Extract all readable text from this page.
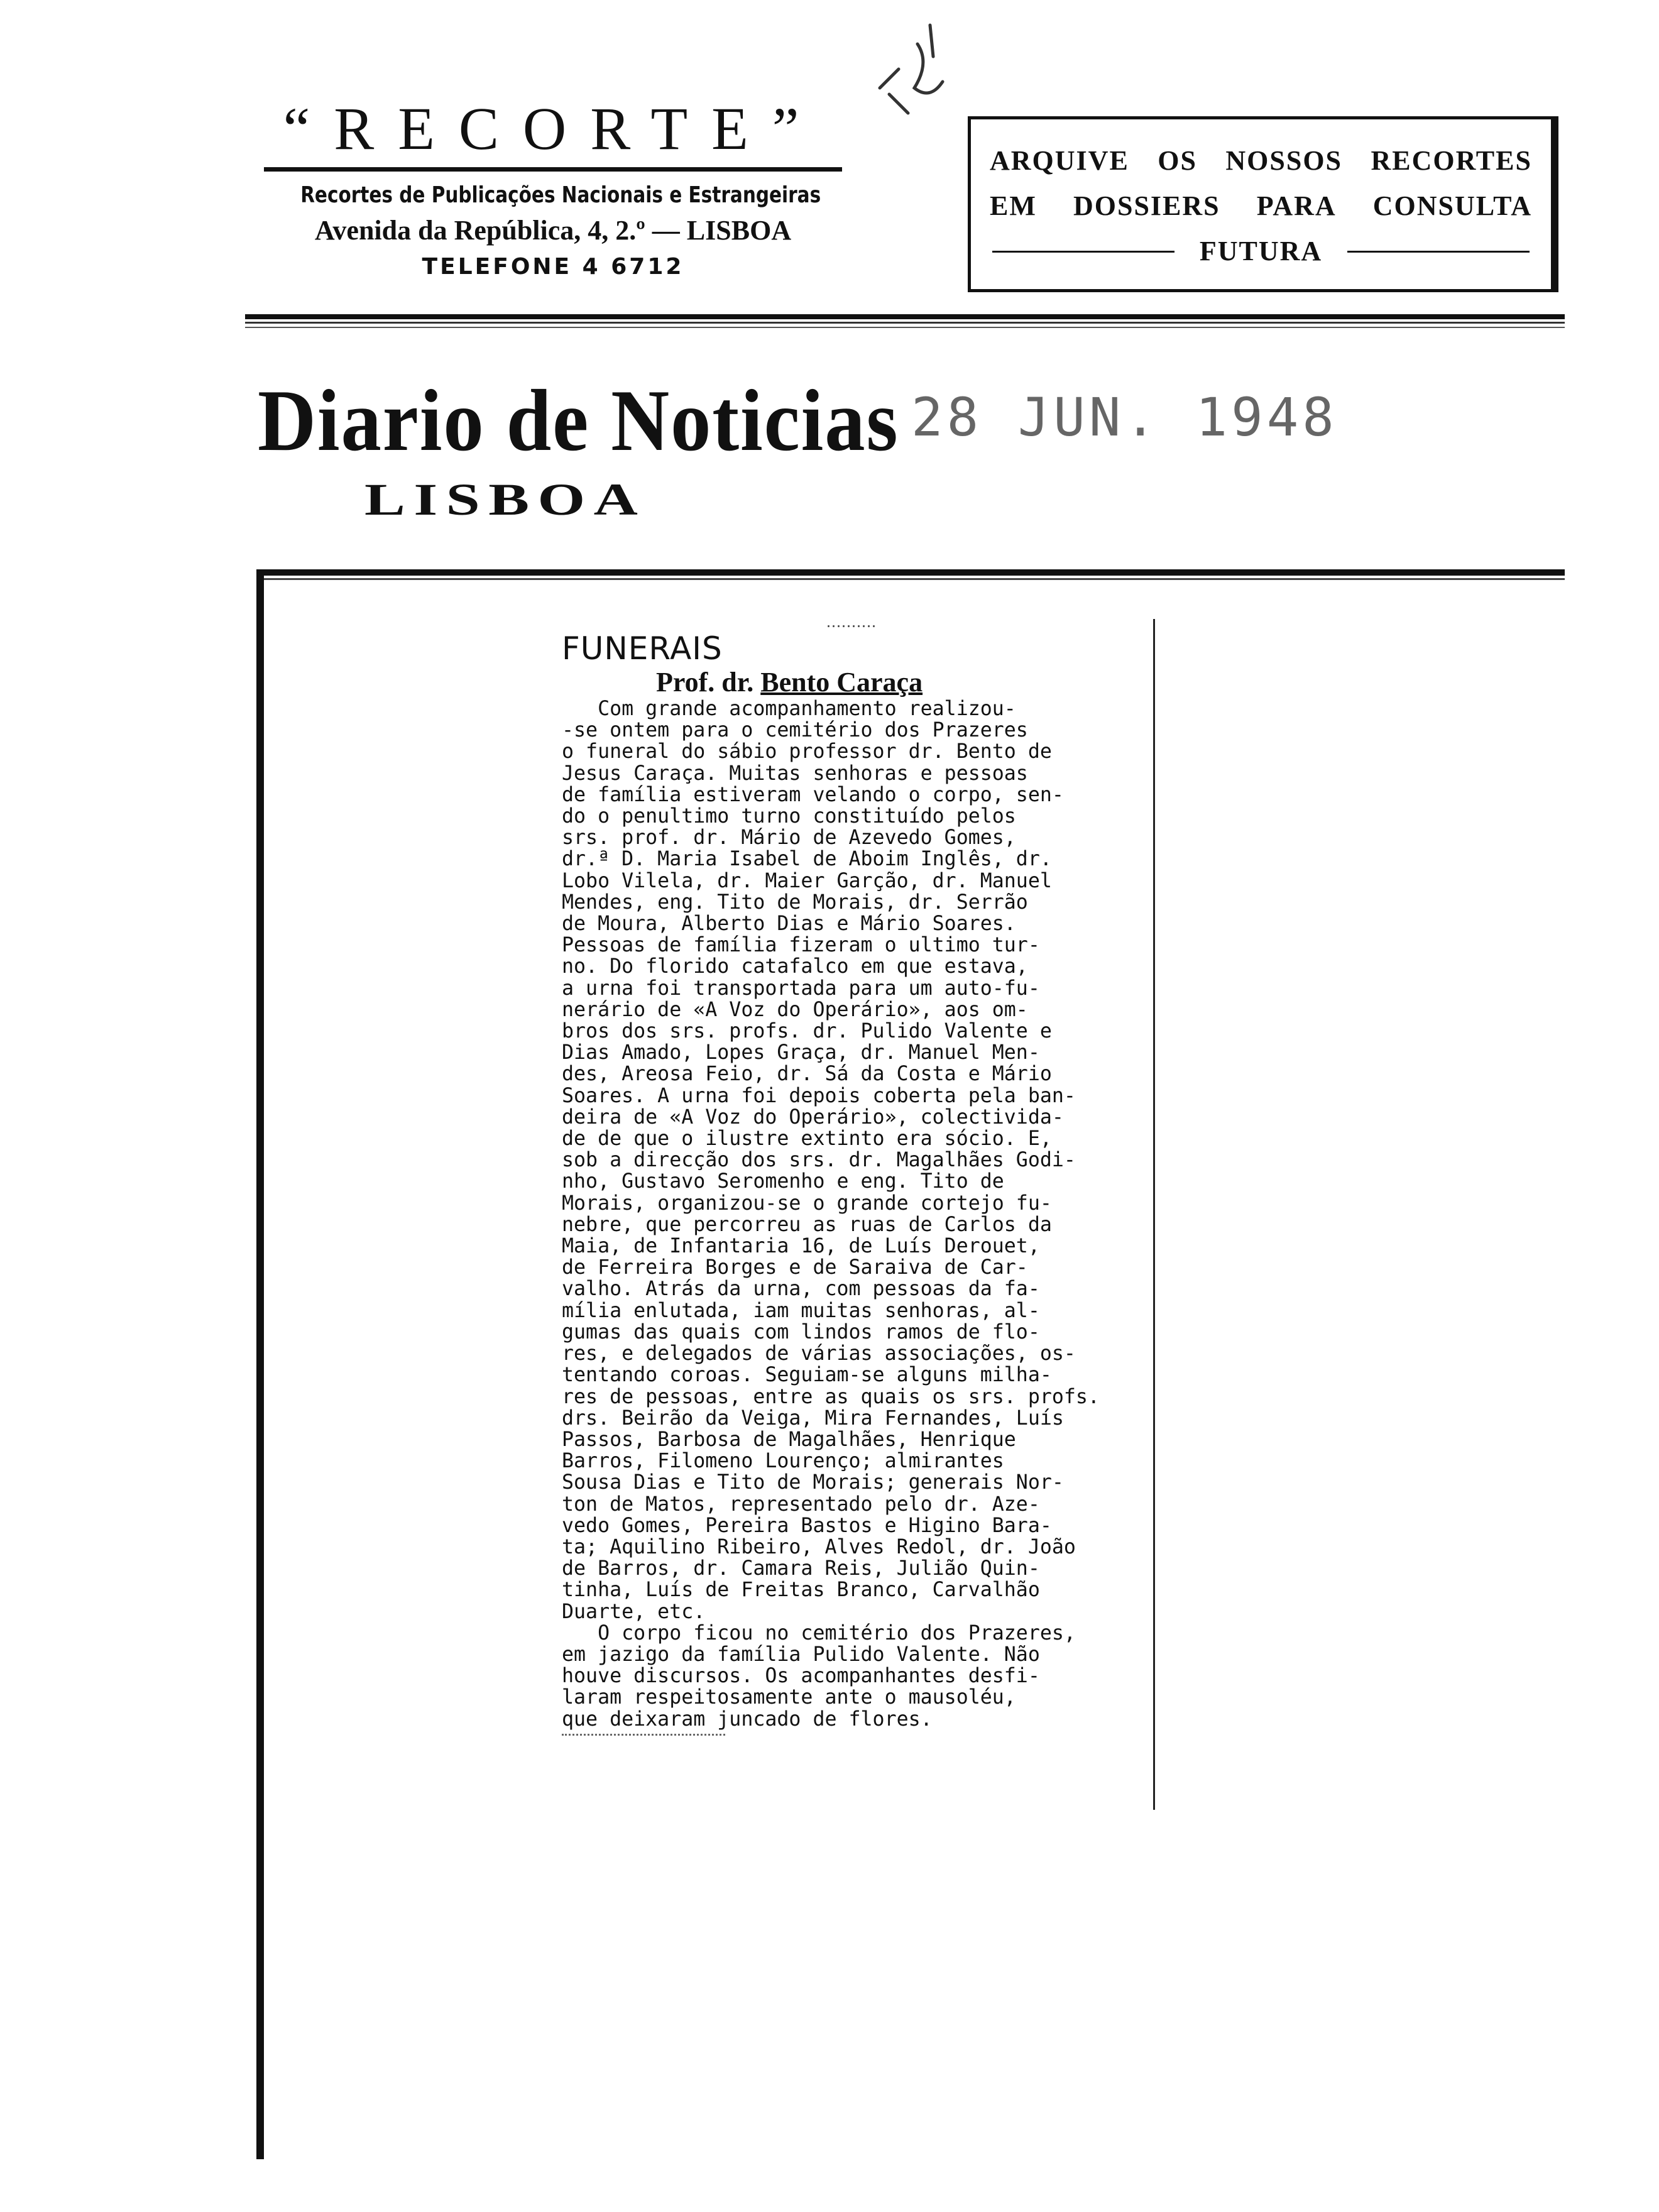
“RECORTE”
Recortes de Publicações Nacionais e Estrangeiras
Avenida da República, 4, 2.º — LISBOA
TELEFONE 4 6712
ARQUIVE OS NOSSOS RECORTES
EM DOSSIERS PARA CONSULTA
FUTURA
Diario de Noticias
LISBOA
28 JUN. 1948
‥‥‥‥‥
FUNERAIS
Prof. dr. Bento Caraça
Com grande acompanhamento realizou-
-se ontem para o cemitério dos Prazeres
o funeral do sábio professor dr. Bento de
Jesus Caraça. Muitas senhoras e pessoas
de família estiveram velando o corpo, sen-
do o penultimo turno constituído pelos
srs. prof. dr. Mário de Azevedo Gomes,
dr.ª D. Maria Isabel de Aboim Inglês, dr.
Lobo Vilela, dr. Maier Garção, dr. Manuel
Mendes, eng. Tito de Morais, dr. Serrão
de Moura, Alberto Dias e Mário Soares.
Pessoas de família fizeram o ultimo tur-
no. Do florido catafalco em que estava,
a urna foi transportada para um auto-fu-
nerário de «A Voz do Operário», aos om-
bros dos srs. profs. dr. Pulido Valente e
Dias Amado, Lopes Graça, dr. Manuel Men-
des, Areosa Feio, dr. Sá da Costa e Mário
Soares. A urna foi depois coberta pela ban-
deira de «A Voz do Operário», colectivida-
de de que o ilustre extinto era sócio. E,
sob a direcção dos srs. dr. Magalhães Godi-
nho, Gustavo Seromenho e eng. Tito de
Morais, organizou-se o grande cortejo fu-
nebre, que percorreu as ruas de Carlos da
Maia, de Infantaria 16, de Luís Derouet,
de Ferreira Borges e de Saraiva de Car-
valho. Atrás da urna, com pessoas da fa-
mília enlutada, iam muitas senhoras, al-
gumas das quais com lindos ramos de flo-
res, e delegados de várias associações, os-
tentando coroas. Seguiam-se alguns milha-
res de pessoas, entre as quais os srs. profs.
drs. Beirão da Veiga, Mira Fernandes, Luís
Passos, Barbosa de Magalhães, Henrique
Barros, Filomeno Lourenço; almirantes
Sousa Dias e Tito de Morais; generais Nor-
ton de Matos, representado pelo dr. Aze-
vedo Gomes, Pereira Bastos e Higino Bara-
ta; Aquilino Ribeiro, Alves Redol, dr. João
de Barros, dr. Camara Reis, Julião Quin-
tinha, Luís de Freitas Branco, Carvalhão
Duarte, etc.
O corpo ficou no cemitério dos Prazeres,
em jazigo da família Pulido Valente. Não
houve discursos. Os acompanhantes desfi-
laram respeitosamente ante o mausoléu,
que deixaram juncado de flores.
